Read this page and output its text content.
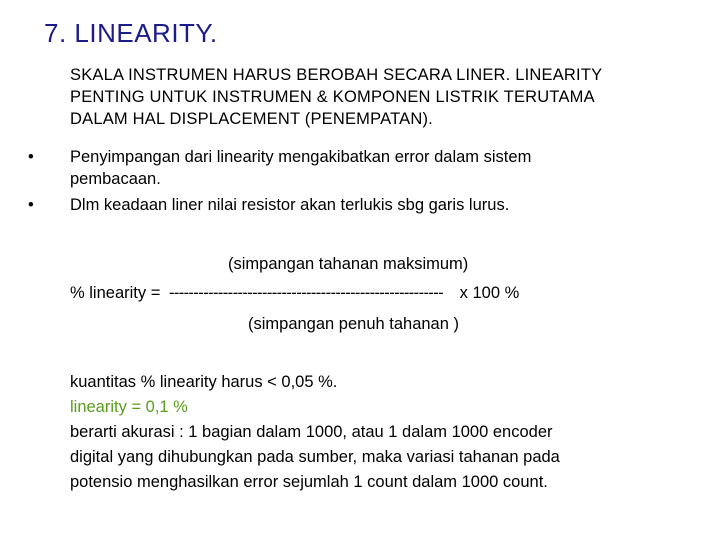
7. LINEARITY.
SKALA INSTRUMEN HARUS BEROBAH SECARA LINER. LINEARITY
PENTING UNTUK INSTRUMEN & KOMPONEN LISTRIK TERUTAMA
DALAM HAL DISPLACEMENT (PENEMPATAN).
•	Penyimpangan dari linearity mengakibatkan error dalam sistem
pembacaan.
•	Dlm keadaan liner nilai resistor akan terlukis sbg garis lurus.
(simpangan tahanan maksimum)
% linearity = -------------------------------------------------------- x 100 %
(simpangan penuh tahanan )
kuantitas % linearity harus < 0,05 %.
linearity = 0,1 %
berarti akurasi : 1 bagian dalam 1000, atau 1 dalam 1000 encoder
digital yang dihubungkan pada sumber, maka variasi tahanan pada
potensio menghasilkan error sejumlah 1 count dalam 1000 count.
